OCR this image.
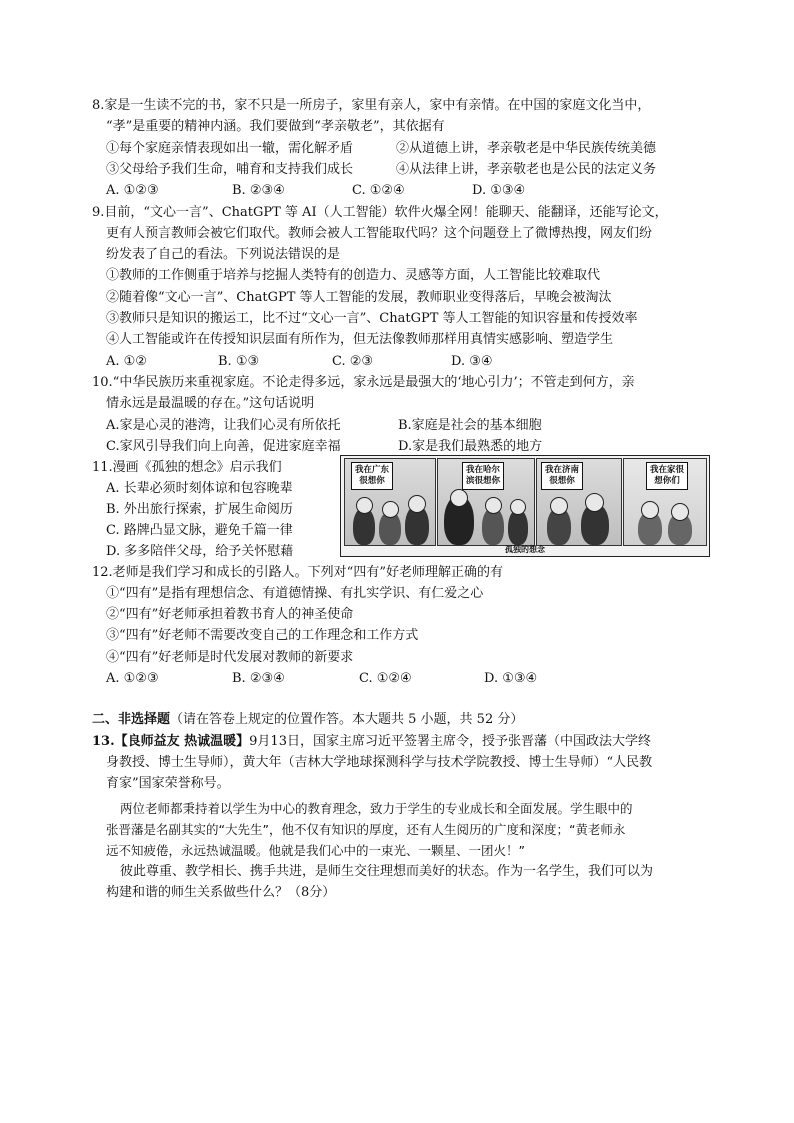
8.家是一生读不完的书，家不只是一所房子，家里有亲人，家中有亲情。在中国的家庭文化当中，
“孝”是重要的精神内涵。我们要做到“孝亲敬老”，其依据有
①每个家庭亲情表现如出一辙，需化解矛盾	②从道德上讲，孝亲敬老是中华民族传统美德
③父母给予我们生命，哺育和支持我们成长	④从法律上讲，孝亲敬老也是公民的法定义务
A. ①②③	B. ②③④	C. ①②④	D. ①③④
9.目前，“文心一言”、ChatGPT 等 AI（人工智能）软件火爆全网！能聊天、能翻译，还能写论文，
更有人预言教师会被它们取代。教师会被人工智能取代吗？这个问题登上了微博热搜，网友们纷
纷发表了自己的看法。下列说法错误的是
①教师的工作侧重于培养与挖掘人类特有的创造力、灵感等方面，人工智能比较难取代
②随着像“文心一言”、ChatGPT 等人工智能的发展，教师职业变得落后，早晚会被淘汰
③教师只是知识的搬运工，比不过“文心一言”、ChatGPT 等人工智能的知识容量和传授效率
④人工智能或许在传授知识层面有所作为，但无法像教师那样用真情实感影响、塑造学生
A. ①②	B. ①③	C. ②③	D. ③④
10.“中华民族历来重视家庭。不论走得多远，家永远是最强大的‘地心引力’；不管走到何方，亲
情永远是最温暖的存在。”这句话说明
A.家是心灵的港湾，让我们心灵有所依托	B.家庭是社会的基本细胞
C.家风引导我们向上向善，促进家庭幸福	D.家是我们最熟悉的地方
11.漫画《孤独的想念》启示我们
A. 长辈必须时刻体谅和包容晚辈
B. 外出旅行探索，扩展生命阅历
C. 路牌凸显文脉，避免千篇一律
D. 多多陪伴父母，给予关怀慰藉
我在广东
很想你
我在哈尔
滨很想你
我在济南
很想你
我在家很
想你们
孤独的想念
12.老师是我们学习和成长的引路人。下列对“四有”好老师理解正确的有
①“四有”是指有理想信念、有道德情操、有扎实学识、有仁爱之心
②“四有”好老师承担着教书育人的神圣使命
③“四有”好老师不需要改变自己的工作理念和工作方式
④“四有”好老师是时代发展对教师的新要求
A. ①②③	B. ②③④	C. ①②④	D. ①③④
二、非选择题（请在答卷上规定的位置作答。本大题共 5 小题，共 52 分）
13.【良师益友 热诚温暖】9月13日，国家主席习近平签署主席令，授予张晋藩（中国政法大学终
身教授、博士生导师），黄大年（吉林大学地球探测科学与技术学院教授、博士生导师）“人民教
育家”国家荣誉称号。
两位老师都秉持着以学生为中心的教育理念，致力于学生的专业成长和全面发展。学生眼中的
张晋藩是名副其实的“大先生”，他不仅有知识的厚度，还有人生阅历的广度和深度；“黄老师永
远不知疲倦，永远热诚温暖。他就是我们心中的一束光、一颗星、一团火！”
彼此尊重、教学相长、携手共进，是师生交往理想而美好的状态。作为一名学生，我们可以为
构建和谐的师生关系做些什么？（8分）
